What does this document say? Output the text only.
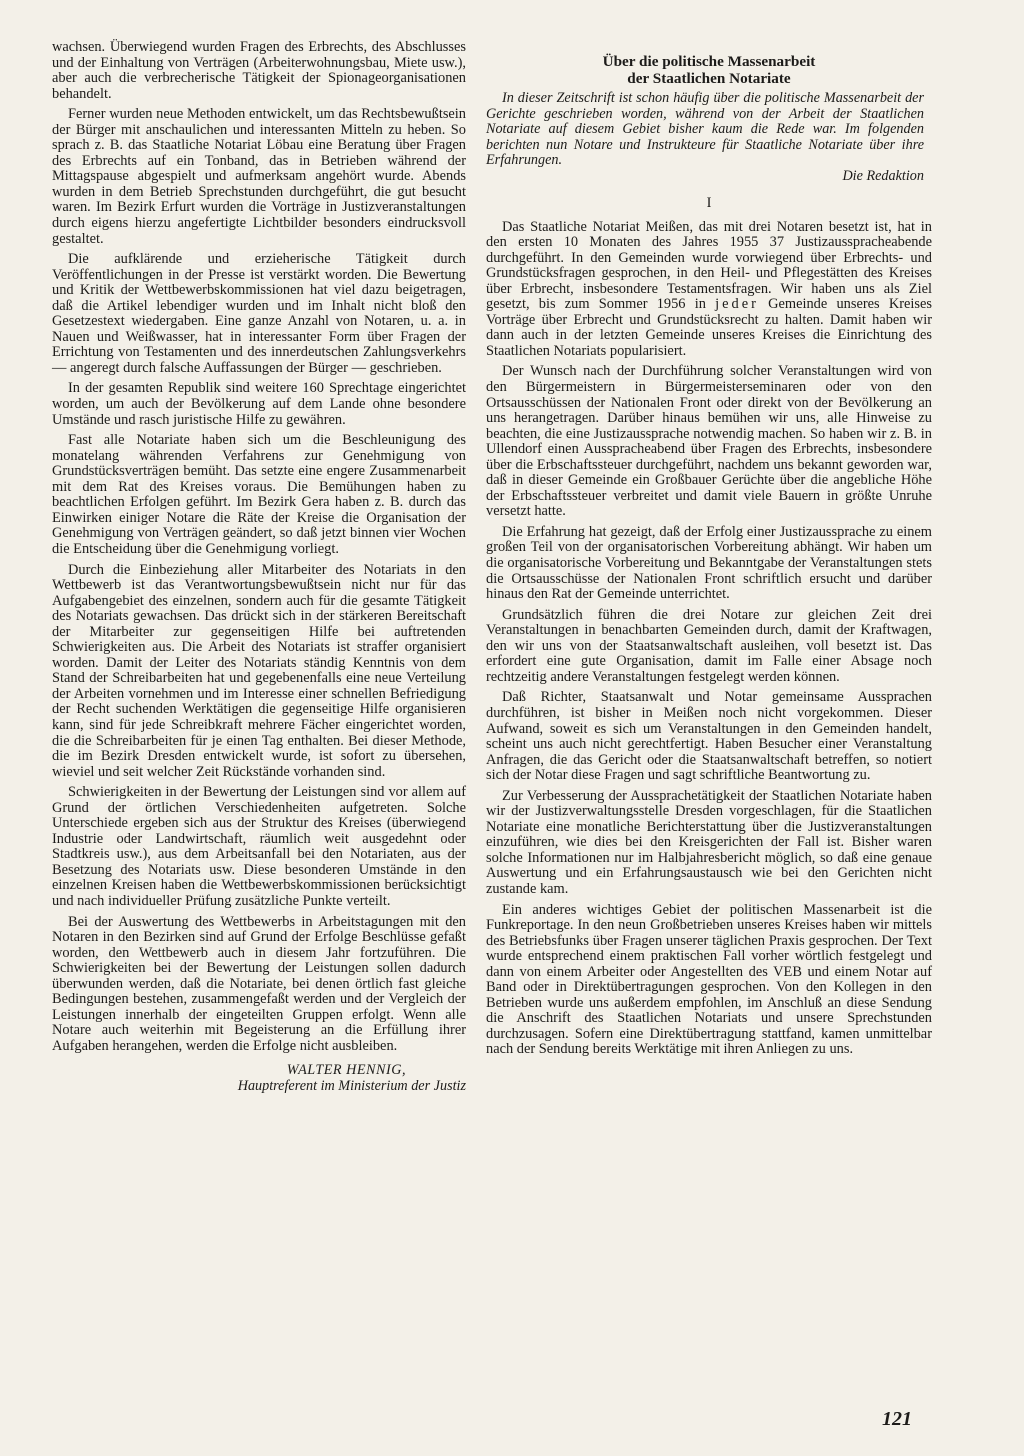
wachsen. Überwiegend wurden Fragen des Erbrechts, des Abschlusses und der Einhaltung von Verträgen (Arbeiterwohnungsbau, Miete usw.), aber auch die verbrecherische Tätigkeit der Spionageorganisationen behandelt.

Ferner wurden neue Methoden entwickelt, um das Rechtsbewußtsein der Bürger mit anschaulichen und interessanten Mitteln zu heben. So sprach z. B. das Staatliche Notariat Löbau eine Beratung über Fragen des Erbrechts auf ein Tonband, das in Betrieben während der Mittagspause abgespielt und aufmerksam angehört wurde. Abends wurden in dem Betrieb Sprechstunden durchgeführt, die gut besucht waren. Im Bezirk Erfurt wurden die Vorträge in Justizveranstaltungen durch eigens hierzu angefertigte Lichtbilder besonders eindrucksvoll gestaltet.

Die aufklärende und erzieherische Tätigkeit durch Veröffentlichungen in der Presse ist verstärkt worden. Die Bewertung und Kritik der Wettbewerbskommissionen hat viel dazu beigetragen, daß die Artikel lebendiger wurden und im Inhalt nicht bloß den Gesetzestext wiedergaben. Eine ganze Anzahl von Notaren, u. a. in Nauen und Weißwasser, hat in interessanter Form über Fragen der Errichtung von Testamenten und des innerdeutschen Zahlungsverkehrs — angeregt durch falsche Auffassungen der Bürger — geschrieben.

In der gesamten Republik sind weitere 160 Sprechtage eingerichtet worden, um auch der Bevölkerung auf dem Lande ohne besondere Umstände und rasch juristische Hilfe zu gewähren.

Fast alle Notariate haben sich um die Beschleunigung des monatelang währenden Verfahrens zur Genehmigung von Grundstücksverträgen bemüht. Das setzte eine engere Zusammenarbeit mit dem Rat des Kreises voraus. Die Bemühungen haben zu beachtlichen Erfolgen geführt. Im Bezirk Gera haben z. B. durch das Einwirken einiger Notare die Räte der Kreise die Organisation der Genehmigung von Verträgen geändert, so daß jetzt binnen vier Wochen die Entscheidung über die Genehmigung vorliegt.

Durch die Einbeziehung aller Mitarbeiter des Notariats in den Wettbewerb ist das Verantwortungsbewußtsein nicht nur für das Aufgabengebiet des einzelnen, sondern auch für die gesamte Tätigkeit des Notariats gewachsen. Das drückt sich in der stärkeren Bereitschaft der Mitarbeiter zur gegenseitigen Hilfe bei auftretenden Schwierigkeiten aus. Die Arbeit des Notariats ist straffer organisiert worden. Damit der Leiter des Notariats ständig Kenntnis von dem Stand der Schreibarbeiten hat und gegebenenfalls eine neue Verteilung der Arbeiten vornehmen und im Interesse einer schnellen Befriedigung der Recht suchenden Werktätigen die gegenseitige Hilfe organisieren kann, sind für jede Schreibkraft mehrere Fächer eingerichtet worden, die die Schreibarbeiten für je einen Tag enthalten. Bei dieser Methode, die im Bezirk Dresden entwickelt wurde, ist sofort zu übersehen, wieviel und seit welcher Zeit Rückstände vorhanden sind.

Schwierigkeiten in der Bewertung der Leistungen sind vor allem auf Grund der örtlichen Verschiedenheiten aufgetreten. Solche Unterschiede ergeben sich aus der Struktur des Kreises (überwiegend Industrie oder Landwirtschaft, räumlich weit ausgedehnt oder Stadtkreis usw.), aus dem Arbeitsanfall bei den Notariaten, aus der Besetzung des Notariats usw. Diese besonderen Umstände in den einzelnen Kreisen haben die Wettbewerbskommissionen berücksichtigt und nach individueller Prüfung zusätzliche Punkte verteilt.

Bei der Auswertung des Wettbewerbs in Arbeitstagungen mit den Notaren in den Bezirken sind auf Grund der Erfolge Beschlüsse gefaßt worden, den Wettbewerb auch in diesem Jahr fortzuführen. Die Schwierigkeiten bei der Bewertung der Leistungen sollen dadurch überwunden werden, daß die Notariate, bei denen örtlich fast gleiche Bedingungen bestehen, zusammengefaßt werden und der Vergleich der Leistungen innerhalb der eingeteilten Gruppen erfolgt. Wenn alle Notare auch weiterhin mit Begeisterung an die Erfüllung ihrer Aufgaben herangehen, werden die Erfolge nicht ausbleiben.

WALTER HENNIG,
Hauptreferent im Ministerium der Justiz
Über die politische Massenarbeit
der Staatlichen Notariate
In dieser Zeitschrift ist schon häufig über die politische Massenarbeit der Gerichte geschrieben worden, während von der Arbeit der Staatlichen Notariate auf diesem Gebiet bisher kaum die Rede war. Im folgenden berichten nun Notare und Instrukteure für Staatliche Notariate über ihre Erfahrungen.
Die Redaktion
I

Das Staatliche Notariat Meißen, das mit drei Notaren besetzt ist, hat in den ersten 10 Monaten des Jahres 1955 37 Justizausspracheabende durchgeführt. In den Gemeinden wurde vorwiegend über Erbrechts- und Grundstücksfragen gesprochen, in den Heil- und Pflegestätten des Kreises über Erbrecht, insbesondere Testamentsfragen. Wir haben uns als Ziel gesetzt, bis zum Sommer 1956 in jeder Gemeinde unseres Kreises Vorträge über Erbrecht und Grundstücksrecht zu halten. Damit haben wir dann auch in der letzten Gemeinde unseres Kreises die Einrichtung des Staatlichen Notariats popularisiert.

Der Wunsch nach der Durchführung solcher Veranstaltungen wird von den Bürgermeistern in Bürgermeisterseminaren oder von den Ortsausschüssen der Nationalen Front oder direkt von der Bevölkerung an uns herangetragen. Darüber hinaus bemühen wir uns, alle Hinweise zu beachten, die eine Justizaussprache notwendig machen. So haben wir z. B. in Ullendorf einen Ausspracheabend über Fragen des Erbrechts, insbesondere über die Erbschaftssteuer durchgeführt, nachdem uns bekannt geworden war, daß in dieser Gemeinde ein Großbauer Gerüchte über die angebliche Höhe der Erbschaftssteuer verbreitet und damit viele Bauern in größte Unruhe versetzt hatte.

Die Erfahrung hat gezeigt, daß der Erfolg einer Justizaussprache zu einem großen Teil von der organisatorischen Vorbereitung abhängt. Wir haben um die organisatorische Vorbereitung und Bekanntgabe der Veranstaltungen stets die Ortsausschüsse der Nationalen Front schriftlich ersucht und darüber hinaus den Rat der Gemeinde unterrichtet.

Grundsätzlich führen die drei Notare zur gleichen Zeit drei Veranstaltungen in benachbarten Gemeinden durch, damit der Kraftwagen, den wir uns von der Staatsanwaltschaft ausleihen, voll besetzt ist. Das erfordert eine gute Organisation, damit im Falle einer Absage noch rechtzeitig andere Veranstaltungen festgelegt werden können.

Daß Richter, Staatsanwalt und Notar gemeinsame Aussprachen durchführen, ist bisher in Meißen noch nicht vorgekommen. Dieser Aufwand, soweit es sich um Veranstaltungen in den Gemeinden handelt, scheint uns auch nicht gerechtfertigt. Haben Besucher einer Veranstaltung Anfragen, die das Gericht oder die Staatsanwaltschaft betreffen, so notiert sich der Notar diese Fragen und sagt schriftliche Beantwortung zu.

Zur Verbesserung der Aussprachetätigkeit der Staatlichen Notariate haben wir der Justizverwaltungsstelle Dresden vorgeschlagen, für die Staatlichen Notariate eine monatliche Berichterstattung über die Justizveranstaltungen einzuführen, wie dies bei den Kreisgerichten der Fall ist. Bisher waren solche Informationen nur im Halbjahresbericht möglich, so daß eine genaue Auswertung und ein Erfahrungsaustausch wie bei den Gerichten nicht zustande kam.

Ein anderes wichtiges Gebiet der politischen Massenarbeit ist die Funkreportage. In den neun Großbetrieben unseres Kreises haben wir mittels des Betriebsfunks über Fragen unserer täglichen Praxis gesprochen. Der Text wurde entsprechend einem praktischen Fall vorher wörtlich festgelegt und dann von einem Arbeiter oder Angestellten des VEB und einem Notar auf Band oder in Direktübertragungen gesprochen. Von den Kollegen in den Betrieben wurde uns außerdem empfohlen, im Anschluß an diese Sendung die Anschrift des Staatlichen Notariats und unsere Sprechstunden durchzusagen. Sofern eine Direktübertragung stattfand, kamen unmittelbar nach der Sendung bereits Werktätige mit ihren Anliegen zu uns.

121
